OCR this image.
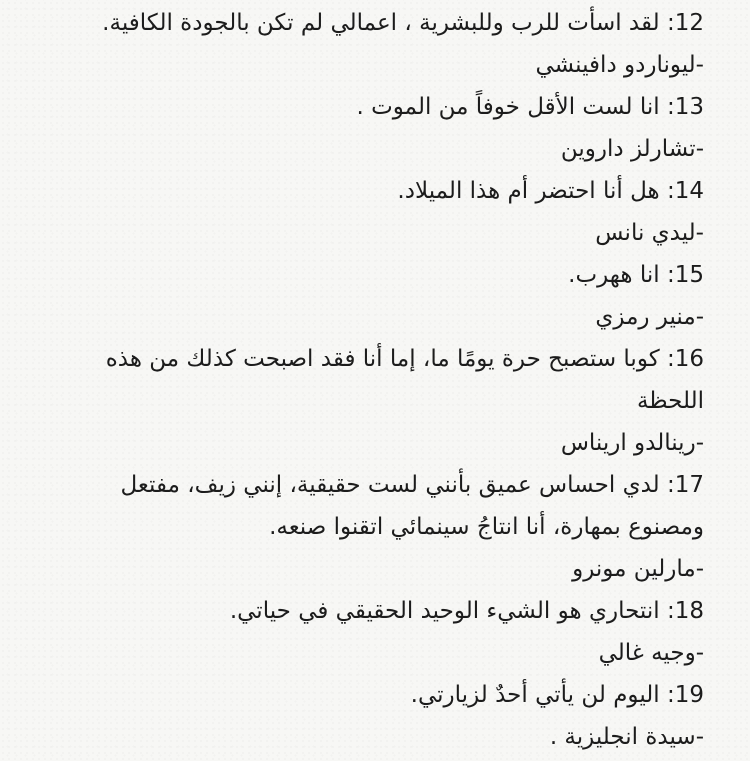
12: لقد اسأت للرب وللبشرية ، اعمالي لم تكن بالجودة الكافية.
-ليوناردو دافينشي
13: انا لست الأقل خوفاً من الموت .
-تشارلز داروين
14: هل أنا احتضر أم هذا الميلاد.
-ليدي نانس
15: انا ههرب.
-منير رمزي
16: كوبا ستصبح حرة يومًا ما، إما أنا فقد اصبحت كذلك من هذه
اللحظة
-رينالدو اريناس
17: لدي احساس عميق بأنني لست حقيقية، إنني زيف، مفتعل
ومصنوع بمهارة، أنا انتاجُ سينمائي اتقنوا صنعه.
-مارلين مونرو
18: انتحاري هو الشيء الوحيد الحقيقي في حياتي.
-وجيه غالي
19: اليوم لن يأتي أحدٌ لزيارتي.
-سيدة انجليزية .
